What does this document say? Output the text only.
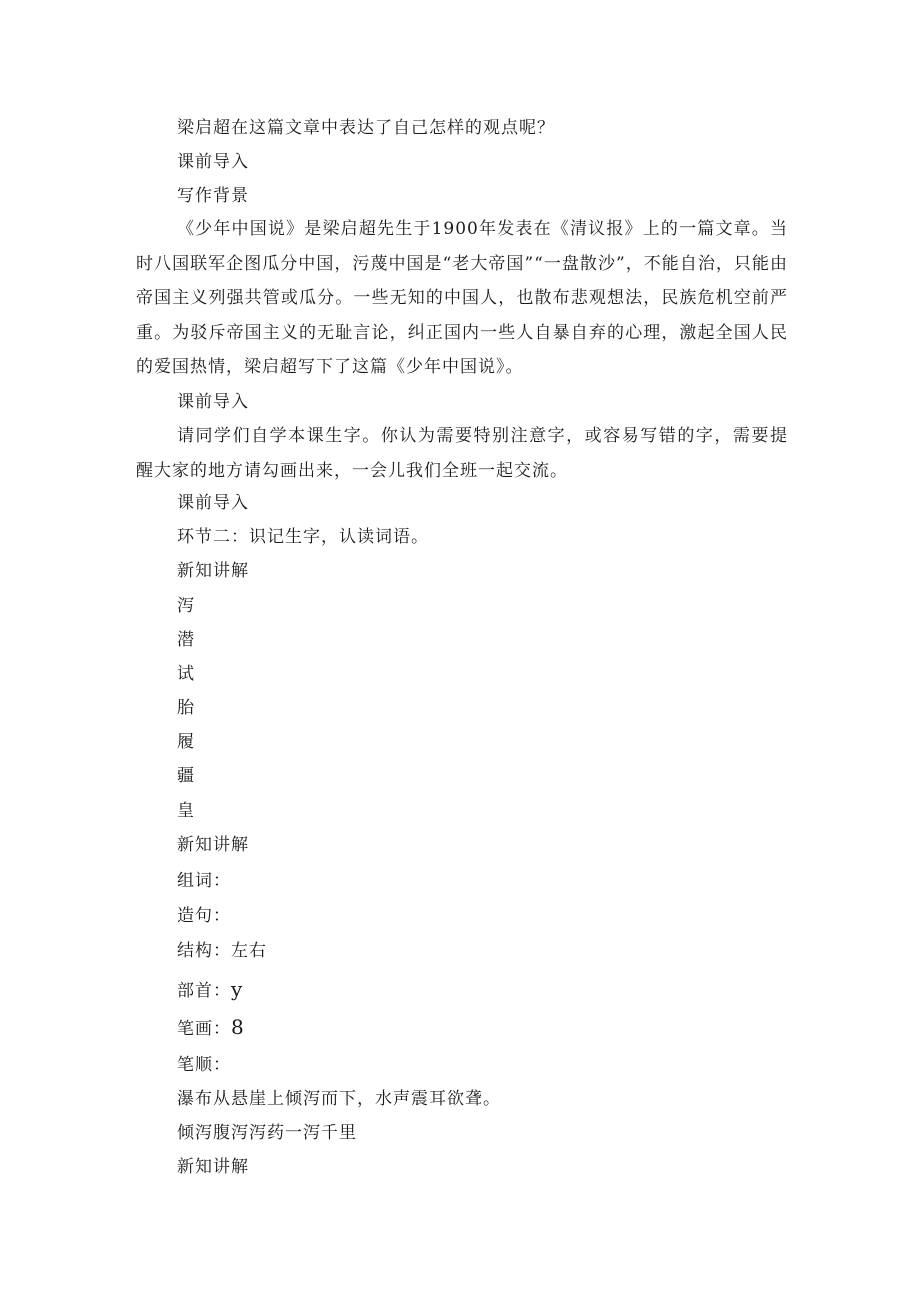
梁启超在这篇文章中表达了自己怎样的观点呢？
课前导入
写作背景
《少年中国说》是梁启超先生于1900年发表在《清议报》上的一篇文章。当时八国联军企图瓜分中国，污蔑中国是“老大帝国”“一盘散沙”，不能自治，只能由帝国主义列强共管或瓜分。一些无知的中国人，也散布悲观想法，民族危机空前严重。为驳斥帝国主义的无耻言论，纠正国内一些人自暴自弃的心理，激起全国人民的爱国热情，梁启超写下了这篇《少年中国说》。
课前导入
请同学们自学本课生字。你认为需要特别注意字，或容易写错的字，需要提醒大家的地方请勾画出来，一会儿我们全班一起交流。
课前导入
环节二：识记生字，认读词语。
新知讲解
泻
潜
试
胎
履
疆
皇
新知讲解
组词：
造句：
结构：左右
部首：y
笔画：8
笔顺：
瀑布从悬崖上倾泻而下，水声震耳欲聋。
倾泻腹泻泻药一泻千里
新知讲解
